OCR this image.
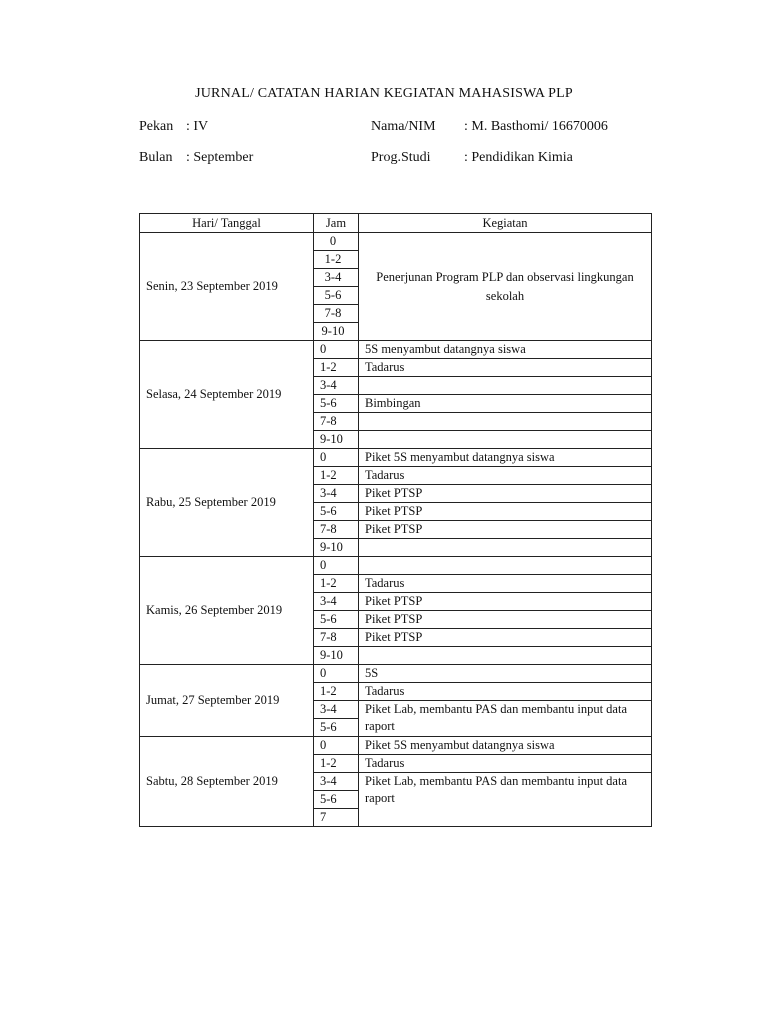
JURNAL/ CATATAN HARIAN KEGIATAN MAHASISWA PLP
Pekan : IV	Nama/NIM : M. Basthomi/ 16670006
Bulan : September	Prog.Studi : Pendidikan Kimia
Hari/ Tanggal	Jam	Kegiatan
Senin, 23 September 2019	0	Penerjunan Program PLP dan observasi lingkungan sekolah
	1-2	
	3-4	
	5-6	
	7-8	
	9-10	
Selasa, 24 September 2019	0	5S menyambut datangnya siswa
	1-2	Tadarus
	3-4	
	5-6	Bimbingan
	7-8	
	9-10	
Rabu, 25 September 2019	0	Piket 5S menyambut datangnya siswa
	1-2	Tadarus
	3-4	Piket PTSP
	5-6	Piket PTSP
	7-8	Piket PTSP
	9-10	
Kamis, 26 September 2019	0	
	1-2	Tadarus
	3-4	Piket PTSP
	5-6	Piket PTSP
	7-8	Piket PTSP
	9-10	
Jumat, 27 September 2019	0	5S
	1-2	Tadarus
	3-4	Piket Lab, membantu PAS dan membantu input data raport
	5-6	
Sabtu, 28 September 2019	0	Piket 5S menyambut datangnya siswa
	1-2	Tadarus
	3-4	Piket Lab, membantu PAS dan membantu input data raport
	5-6	
	7	
